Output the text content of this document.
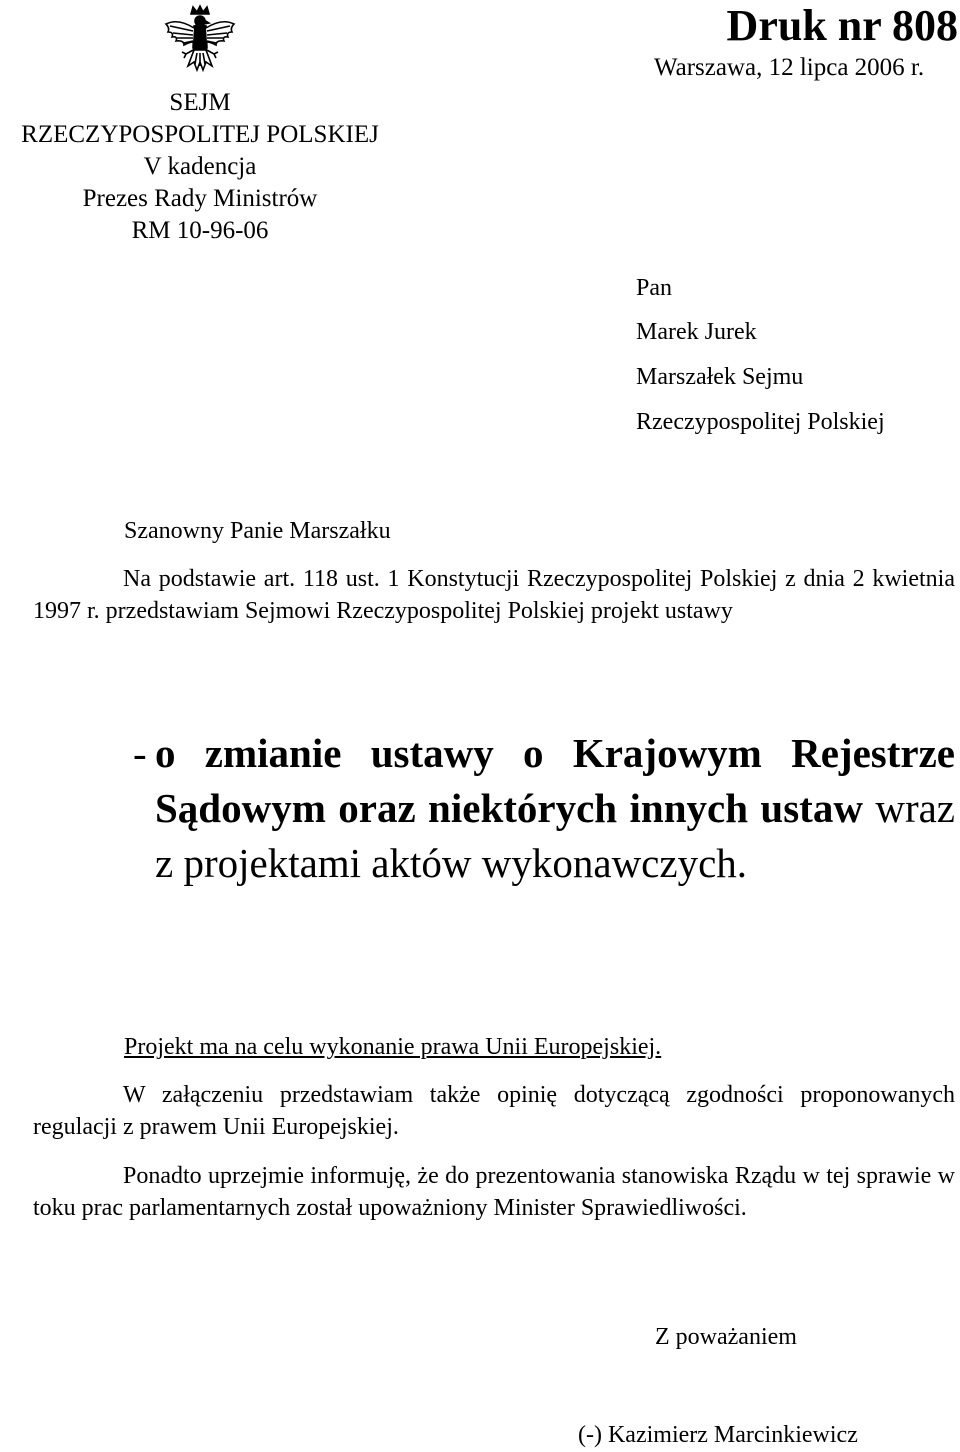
Druk nr 808
Warszawa, 12 lipca 2006 r.
SEJM
RZECZYPOSPOLITEJ POLSKIEJ
V kadencja
Prezes Rady Ministrów
RM 10-96-06
Pan
Marek Jurek
Marszałek Sejmu
Rzeczypospolitej Polskiej
Szanowny Panie Marszałku
Na podstawie art. 118 ust. 1 Konstytucji Rzeczypospolitej Polskiej z dnia 2 kwietnia 1997 r. przedstawiam Sejmowi Rzeczypospolitej Polskiej projekt ustawy
- o zmianie ustawy o Krajowym Rejestrze Sądowym oraz niektórych innych ustaw wraz z projektami aktów wykonawczych.
Projekt ma na celu wykonanie prawa Unii Europejskiej.
W załączeniu przedstawiam także opinię dotyczącą zgodności proponowanych regulacji z prawem Unii Europejskiej.
Ponadto uprzejmie informuję, że do prezentowania stanowiska Rządu w tej sprawie w toku prac parlamentarnych został upoważniony Minister Sprawiedliwości.
Z poważaniem
(-) Kazimierz Marcinkiewicz
